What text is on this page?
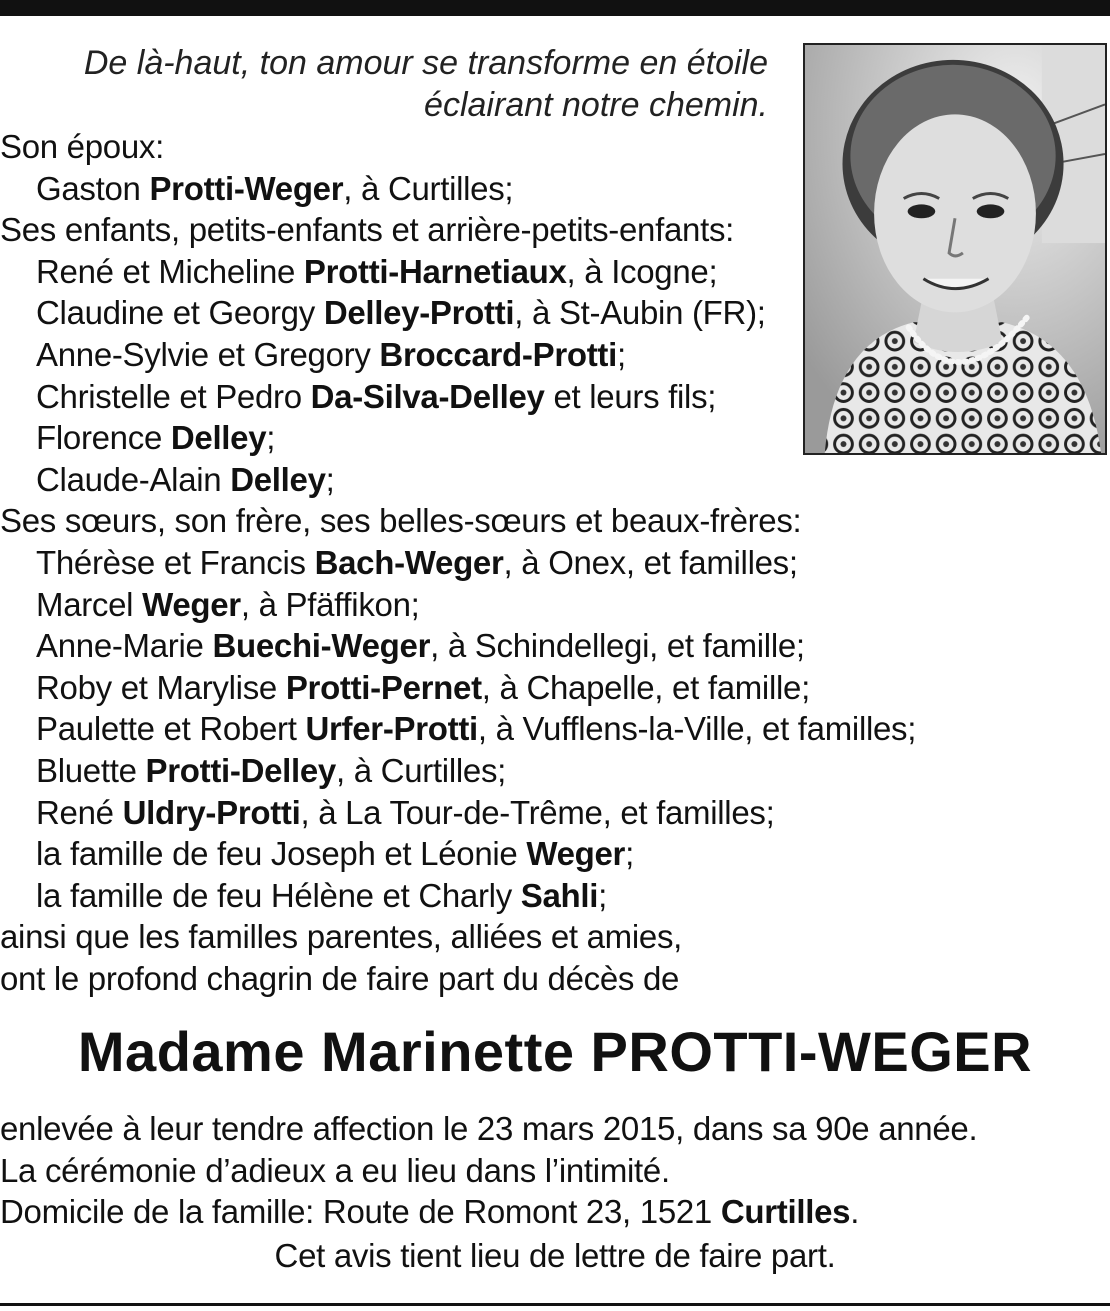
De là-haut, ton amour se transforme en étoile
éclairant notre chemin.
Son époux:
Gaston Protti-Weger, à Curtilles;
Ses enfants, petits-enfants et arrière-petits-enfants:
René et Micheline Protti-Harnetiaux, à Icogne;
Claudine et Georgy Delley-Protti, à St-Aubin (FR);
Anne-Sylvie et Gregory Broccard-Protti;
Christelle et Pedro Da-Silva-Delley et leurs fils;
Florence Delley;
Claude-Alain Delley;
Ses sœurs, son frère, ses belles-sœurs et beaux-frères:
Thérèse et Francis Bach-Weger, à Onex, et familles;
Marcel Weger, à Pfäffikon;
Anne-Marie Buechi-Weger, à Schindellegi, et famille;
Roby et Marylise Protti-Pernet, à Chapelle, et famille;
Paulette et Robert Urfer-Protti, à Vufflens-la-Ville, et familles;
Bluette Protti-Delley, à Curtilles;
René Uldry-Protti, à La Tour-de-Trême, et familles;
la famille de feu Joseph et Léonie Weger;
la famille de feu Hélène et Charly Sahli;
ainsi que les familles parentes, alliées et amies,
ont le profond chagrin de faire part du décès de
Madame Marinette PROTTI-WEGER
enlevée à leur tendre affection le 23 mars 2015, dans sa 90e année.
La cérémonie d’adieux a eu lieu dans l’intimité.
Domicile de la famille: Route de Romont 23, 1521 Curtilles.
Cet avis tient lieu de lettre de faire part.
